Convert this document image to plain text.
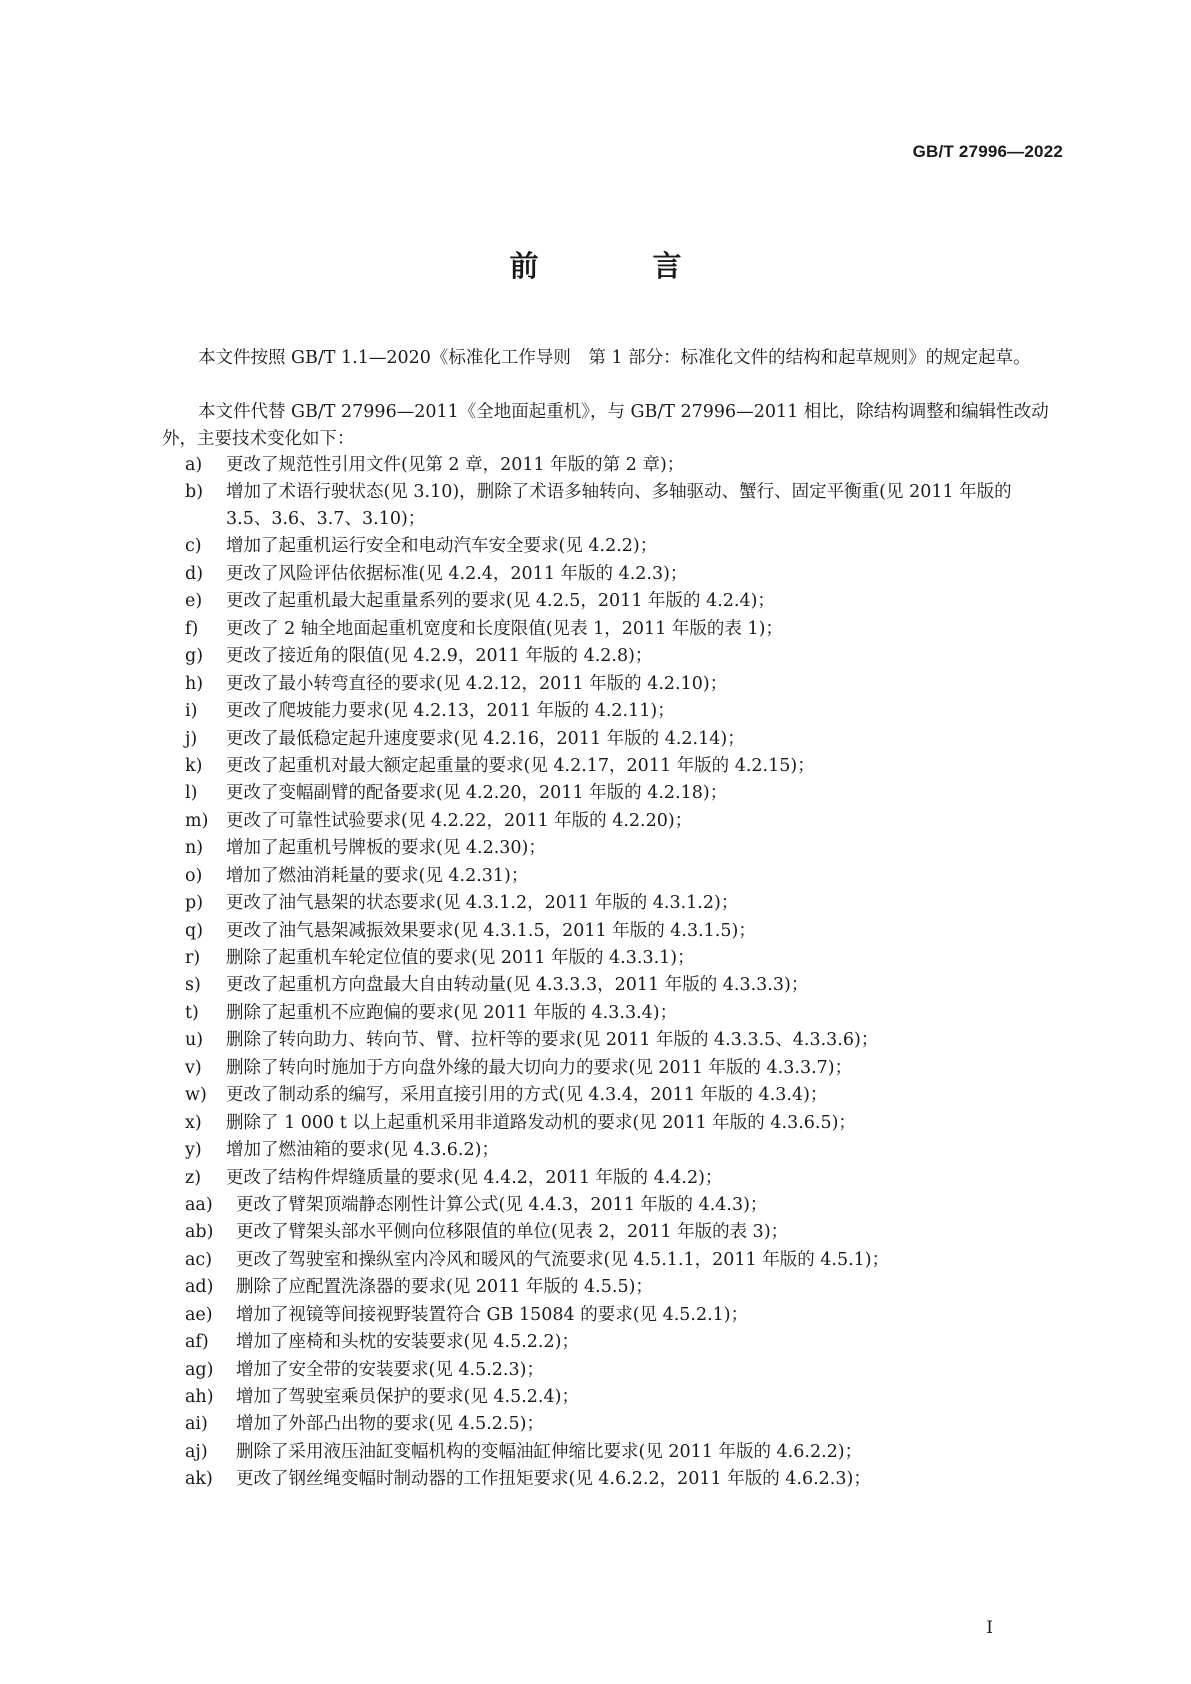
GB/T 27996—2022
前 言
本文件按照 GB/T 1.1—2020《标准化工作导则　第 1 部分：标准化文件的结构和起草规则》的规定起草。
本文件代替 GB/T 27996—2011《全地面起重机》，与 GB/T 27996—2011 相比，除结构调整和编辑性改动外，主要技术变化如下：
a) 更改了规范性引用文件(见第 2 章，2011 年版的第 2 章)；
b) 增加了术语行驶状态(见 3.10)，删除了术语多轴转向、多轴驱动、蟹行、固定平衡重(见 2011 年版的 3.5、3.6、3.7、3.10)；
c) 增加了起重机运行安全和电动汽车安全要求(见 4.2.2)；
d) 更改了风险评估依据标准(见 4.2.4，2011 年版的 4.2.3)；
e) 更改了起重机最大起重量系列的要求(见 4.2.5，2011 年版的 4.2.4)；
f) 更改了 2 轴全地面起重机宽度和长度限值(见表 1，2011 年版的表 1)；
g) 更改了接近角的限值(见 4.2.9，2011 年版的 4.2.8)；
h) 更改了最小转弯直径的要求(见 4.2.12，2011 年版的 4.2.10)；
i) 更改了爬坡能力要求(见 4.2.13，2011 年版的 4.2.11)；
j) 更改了最低稳定起升速度要求(见 4.2.16，2011 年版的 4.2.14)；
k) 更改了起重机对最大额定起重量的要求(见 4.2.17，2011 年版的 4.2.15)；
l) 更改了变幅副臂的配备要求(见 4.2.20，2011 年版的 4.2.18)；
m) 更改了可靠性试验要求(见 4.2.22，2011 年版的 4.2.20)；
n) 增加了起重机号牌板的要求(见 4.2.30)；
o) 增加了燃油消耗量的要求(见 4.2.31)；
p) 更改了油气悬架的状态要求(见 4.3.1.2，2011 年版的 4.3.1.2)；
q) 更改了油气悬架减振效果要求(见 4.3.1.5，2011 年版的 4.3.1.5)；
r) 删除了起重机车轮定位值的要求(见 2011 年版的 4.3.3.1)；
s) 更改了起重机方向盘最大自由转动量(见 4.3.3.3，2011 年版的 4.3.3.3)；
t) 删除了起重机不应跑偏的要求(见 2011 年版的 4.3.3.4)；
u) 删除了转向助力、转向节、臂、拉杆等的要求(见 2011 年版的 4.3.3.5、4.3.3.6)；
v) 删除了转向时施加于方向盘外缘的最大切向力的要求(见 2011 年版的 4.3.3.7)；
w) 更改了制动系的编写，采用直接引用的方式(见 4.3.4，2011 年版的 4.3.4)；
x) 删除了 1 000 t 以上起重机采用非道路发动机的要求(见 2011 年版的 4.3.6.5)；
y) 增加了燃油箱的要求(见 4.3.6.2)；
z) 更改了结构件焊缝质量的要求(见 4.4.2，2011 年版的 4.4.2)；
aa) 更改了臂架顶端静态刚性计算公式(见 4.4.3，2011 年版的 4.4.3)；
ab) 更改了臂架头部水平侧向位移限值的单位(见表 2，2011 年版的表 3)；
ac) 更改了驾驶室和操纵室内冷风和暖风的气流要求(见 4.5.1.1，2011 年版的 4.5.1)；
ad) 删除了应配置洗涤器的要求(见 2011 年版的 4.5.5)；
ae) 增加了视镜等间接视野装置符合 GB 15084 的要求(见 4.5.2.1)；
af) 增加了座椅和头枕的安装要求(见 4.5.2.2)；
ag) 增加了安全带的安装要求(见 4.5.2.3)；
ah) 增加了驾驶室乘员保护的要求(见 4.5.2.4)；
ai) 增加了外部凸出物的要求(见 4.5.2.5)；
aj) 删除了采用液压油缸变幅机构的变幅油缸伸缩比要求(见 2011 年版的 4.6.2.2)；
ak) 更改了钢丝绳变幅时制动器的工作扭矩要求(见 4.6.2.2，2011 年版的 4.6.2.3)；
I
